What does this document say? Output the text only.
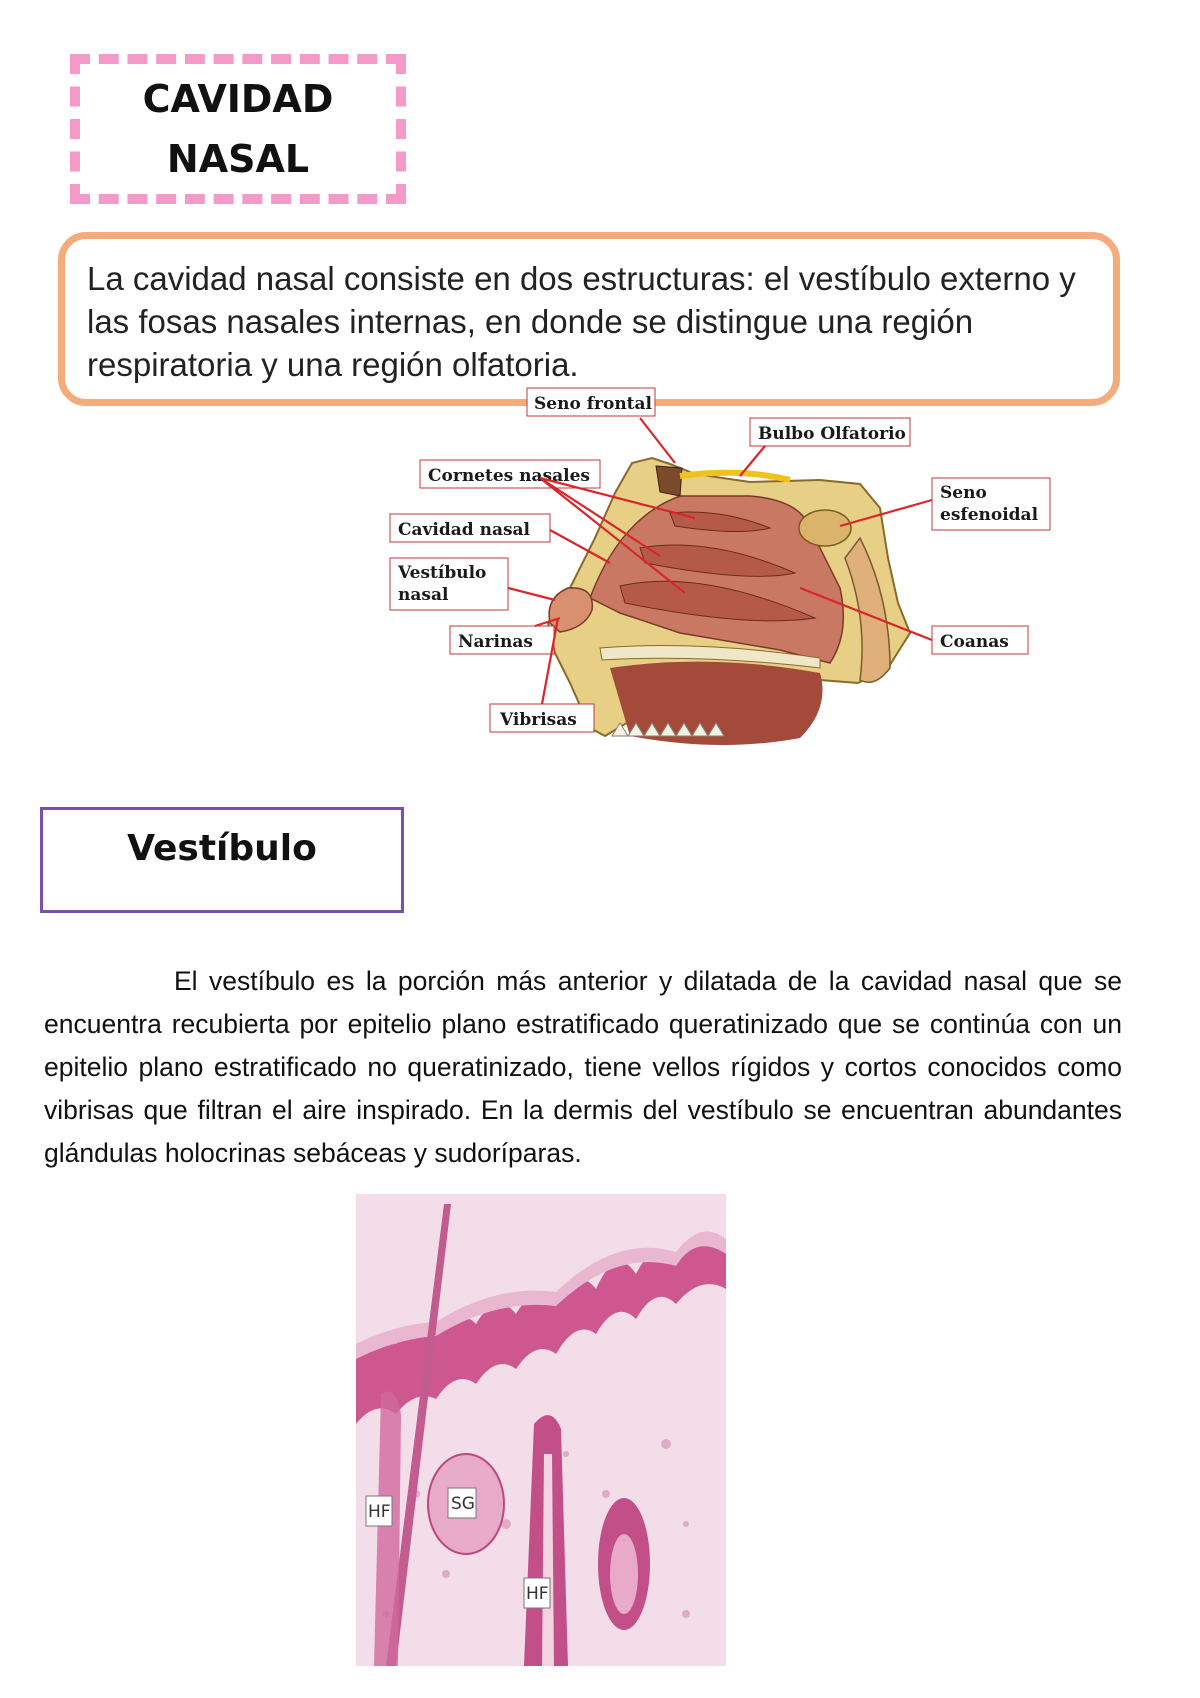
CAVIDAD
NASAL

La cavidad nasal consiste en dos estructuras: el vestíbulo externo y las fosas nasales internas, en donde se distingue una región respiratoria y una región olfatoria.

Seno frontal
Bulbo Olfatorio
Cornetes nasales
Seno
esfenoidal
Cavidad nasal
Vestíbulo
nasal
Narinas	Coanas
Vibrisas
Vestíbulo

El vestíbulo es la porción más anterior y dilatada de la cavidad nasal que se encuentra recubierta por epitelio plano estratificado queratinizado que se continúa con un epitelio plano estratificado no queratinizado, tiene vellos rígidos y cortos conocidos como vibrisas que filtran el aire inspirado. En la dermis del vestíbulo se encuentran abundantes glándulas holocrinas sebáceas y sudoríparas.

HF	SG
HF
